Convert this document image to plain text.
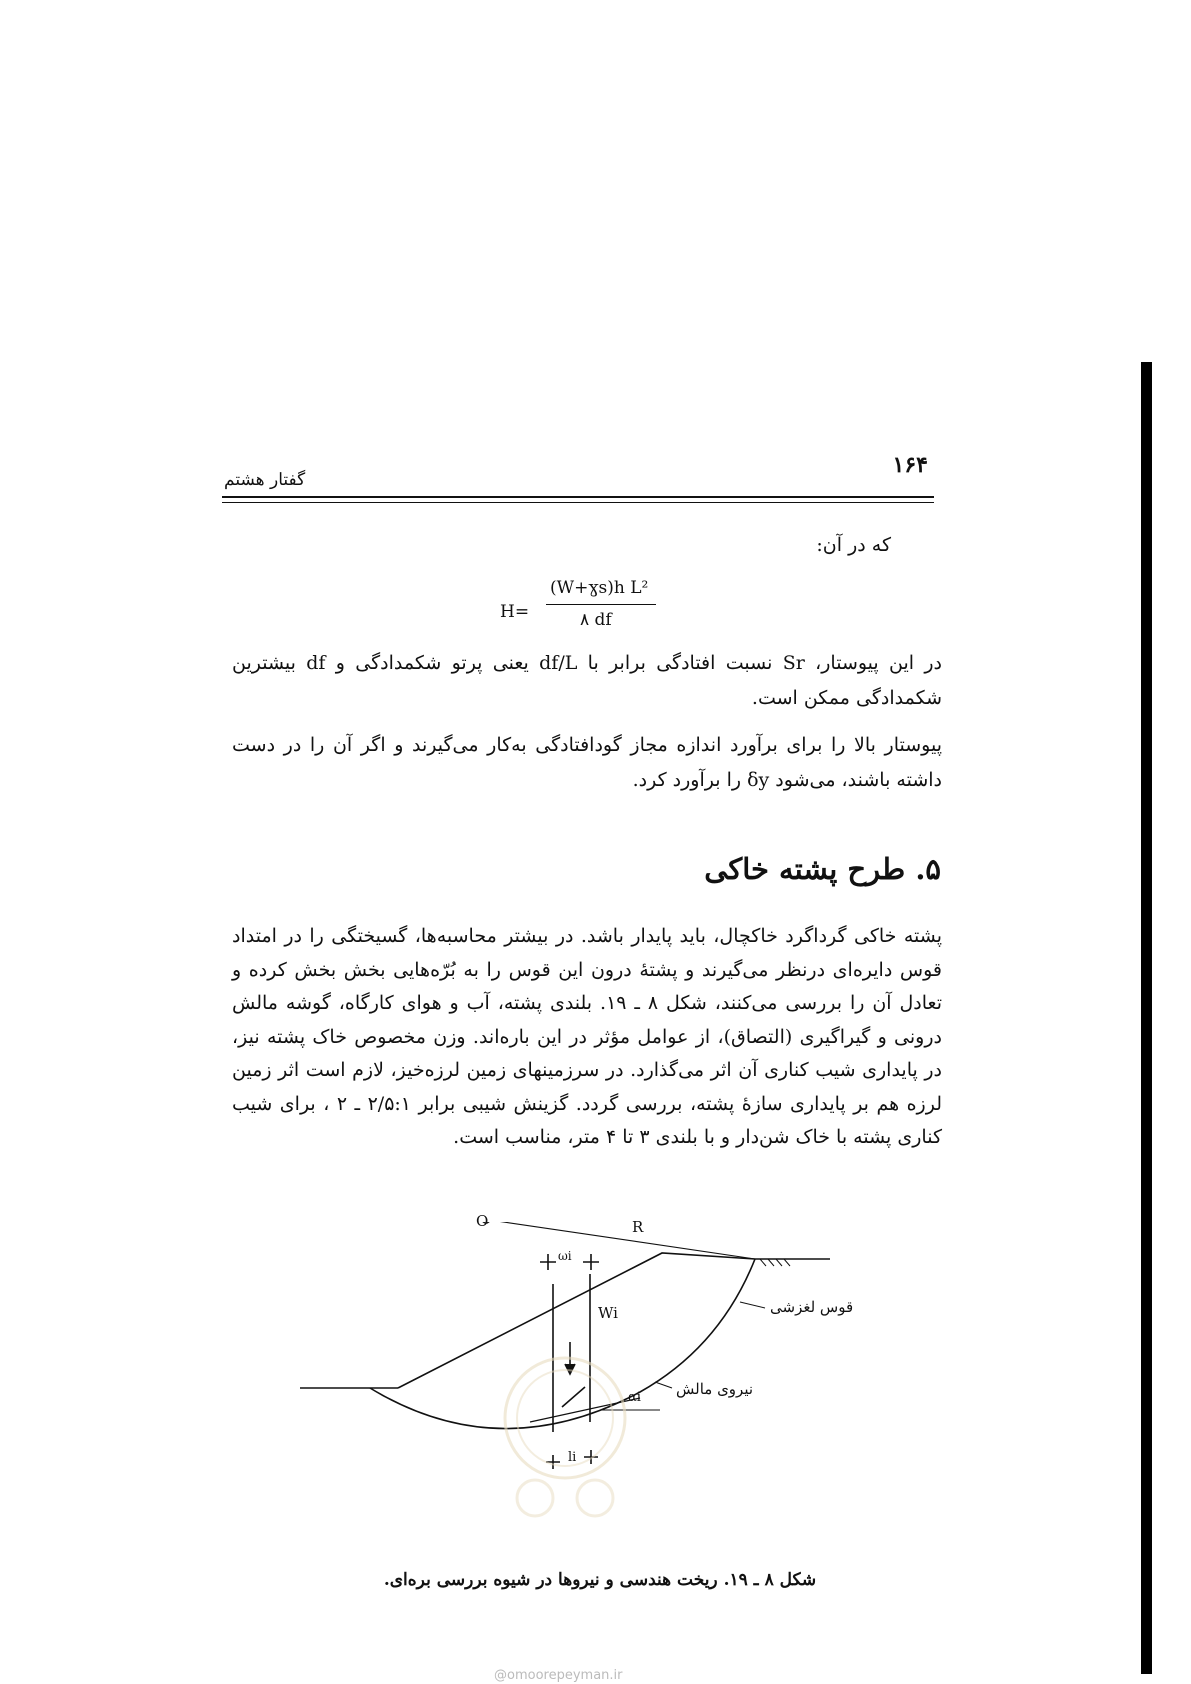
۱۶۴
گفتار هشتم
که در آن:
H=
(W+ɣs)h L²
۸ df
در این پیوستار، Sr نسبت افتادگی برابر با df/L یعنی پرتو شکمدادگی و df بیشترین شکمدادگی ممکن است.
پیوستار بالا را برای برآورد اندازه مجاز گودافتادگی به‌کار می‌گیرند و اگر آن را در دست داشته باشند، می‌شود δy را برآورد کرد.
۵. طرح پشته خاکی
پشته خاکی گرداگرد خاکچال، باید پایدار باشد. در بیشتر محاسبه‌ها، گسیختگی را در امتداد قوس دایره‌ای درنظر می‌گیرند و پشتهٔ درون این قوس را به بُرّه‌هایی بخش بخش کرده و تعادل آن را بررسی می‌کنند، شکل ۸ ـ ۱۹. بلندی پشته، آب و هوای کارگاه، گوشه مالش درونی و گیراگیری (التصاق)، از عوامل مؤثر در این باره‌اند. وزن مخصوص خاک پشته نیز، در پایداری شیب کناری آن اثر می‌گذارد. در سرزمینهای زمین لرزه‌خیز، لازم است اثر زمین لرزه هم بر پایداری سازهٔ پشته، بررسی گردد. گزینش شیبی برابر ۲/۵:۱ ـ ۲ ، برای شیب کناری پشته با خاک شن‌دار و با بلندی ۳ تا ۴ متر، مناسب است.
O	R
ωi
Wi
αi
li
قوس لغزشی
نیروی مالش
شکل ۸ ـ ۱۹. ریخت هندسی و نیروها در شیوه بررسی بره‌ای.
@omoorepeyman.ir
